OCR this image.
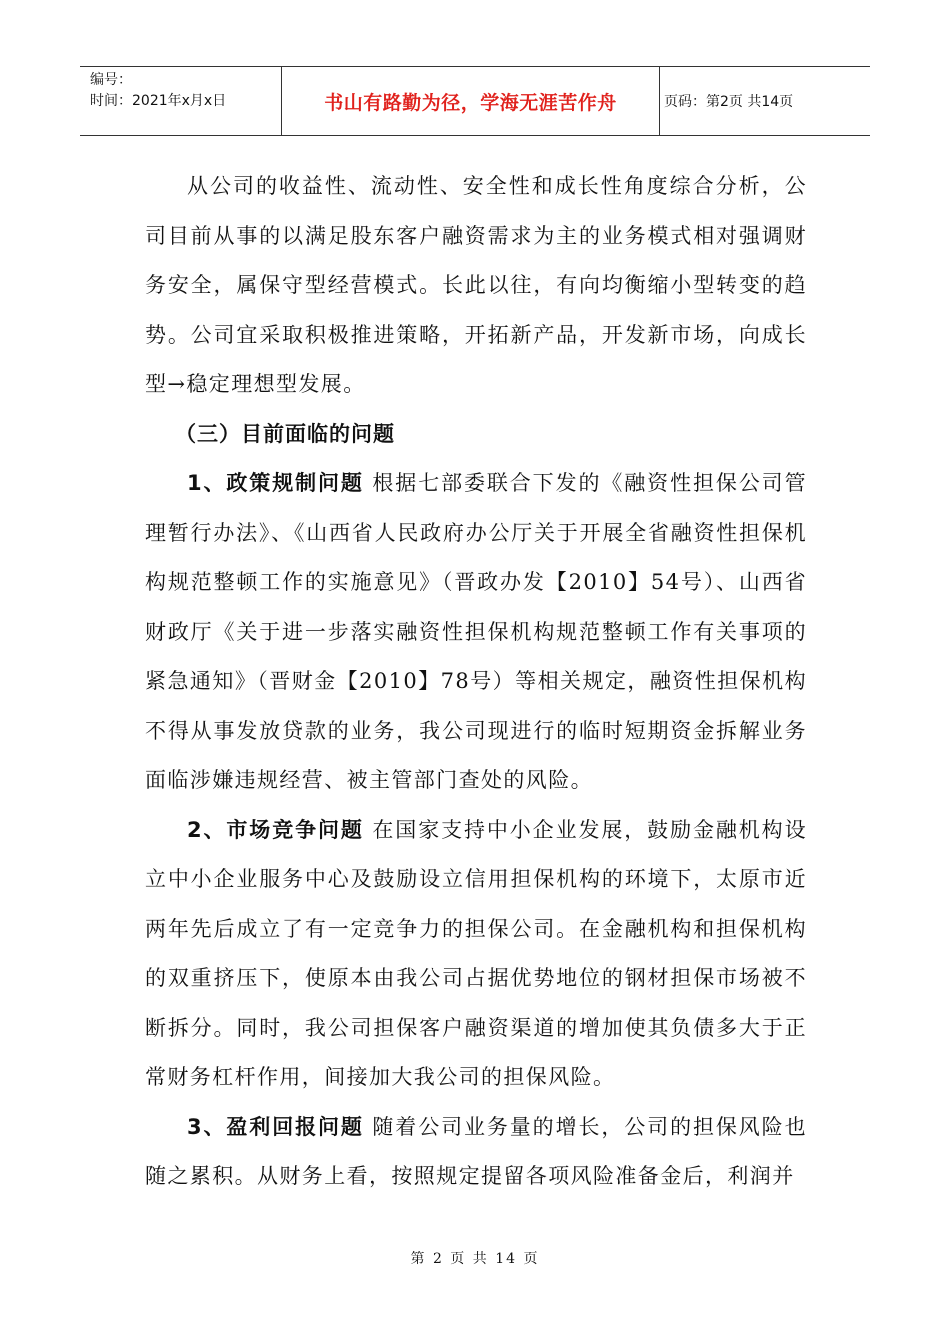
编号：
时间：2021年x月x日	书山有路勤为径，学海无涯苦作舟	页码：第2页 共14页

从公司的收益性、流动性、安全性和成长性角度综合分析，公司目前从事的以满足股东客户融资需求为主的业务模式相对强调财务安全，属保守型经营模式。长此以往，有向均衡缩小型转变的趋势。公司宜采取积极推进策略，开拓新产品，开发新市场，向成长型→稳定理想型发展。

（三）目前面临的问题

1、政策规制问题 根据七部委联合下发的《融资性担保公司管理暂行办法》、《山西省人民政府办公厅关于开展全省融资性担保机构规范整顿工作的实施意见》（晋政办发【2010】54号）、山西省财政厅《关于进一步落实融资性担保机构规范整顿工作有关事项的紧急通知》（晋财金【2010】78号）等相关规定，融资性担保机构不得从事发放贷款的业务，我公司现进行的临时短期资金拆解业务面临涉嫌违规经营、被主管部门查处的风险。

2、市场竞争问题 在国家支持中小企业发展，鼓励金融机构设立中小企业服务中心及鼓励设立信用担保机构的环境下，太原市近两年先后成立了有一定竞争力的担保公司。在金融机构和担保机构的双重挤压下，使原本由我公司占据优势地位的钢材担保市场被不断拆分。同时，我公司担保客户融资渠道的增加使其负债多大于正常财务杠杆作用，间接加大我公司的担保风险。

3、盈利回报问题 随着公司业务量的增长，公司的担保风险也随之累积。从财务上看，按照规定提留各项风险准备金后，利润并

第 2 页 共 14 页
